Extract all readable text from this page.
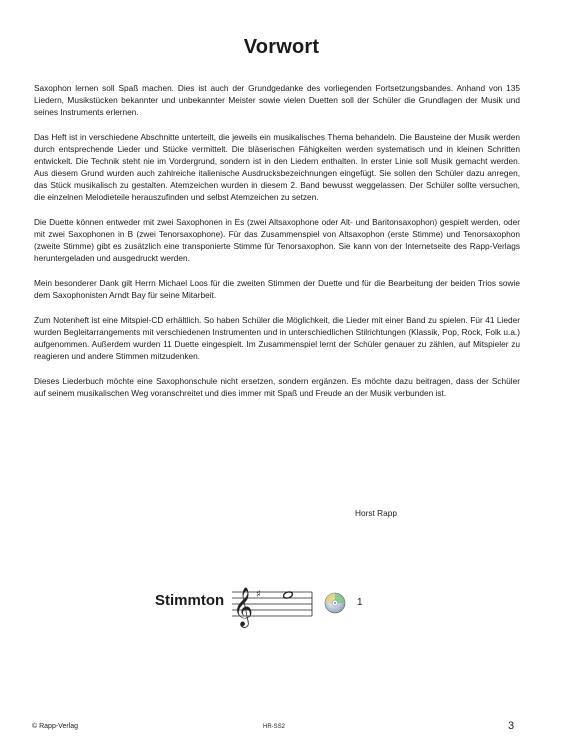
Vorwort

Saxophon lernen soll Spaß machen. Dies ist auch der Grundgedanke des vorliegenden Fortsetzungsbandes. Anhand von 135 Liedern, Musikstücken bekannter und unbekannter Meister sowie vielen Duetten soll der Schüler die Grundlagen der Musik und seines Instruments erlernen.

Das Heft ist in verschiedene Abschnitte unterteilt, die jeweils ein musikalisches Thema behandeln. Die Bausteine der Musik werden durch entsprechende Lieder und Stücke vermittelt. Die bläserischen Fähigkeiten werden systematisch und in kleinen Schritten entwickelt. Die Technik steht nie im Vordergrund, sondern ist in den Liedern enthalten. In erster Linie soll Musik gemacht werden. Aus diesem Grund wurden auch zahlreiche italienische Ausdrucksbezeichnungen eingefügt. Sie sollen den Schüler dazu anregen, das Stück musikalisch zu gestalten. Atemzeichen wurden in diesem 2. Band bewusst weggelassen. Der Schüler sollte versuchen, die einzelnen Melodieteile herauszufinden und selbst Atemzeichen zu setzen.

Die Duette können entweder mit zwei Saxophonen in Es (zwei Altsaxophone oder Alt- und Baritonsaxophon) gespielt werden, oder mit zwei Saxophonen in B (zwei Tenorsaxophone). Für das Zusammenspiel von Altsaxophon (erste Stimme) und Tenorsaxophon (zweite Stimme) gibt es zusätzlich eine transponierte Stimme für Tenorsaxophon. Sie kann von der Internetseite des Rapp-Verlags heruntergeladen und ausgedruckt werden.

Mein besonderer Dank gilt Herrn Michael Loos für die zweiten Stimmen der Duette und für die Bearbeitung der beiden Trios sowie dem Saxophonisten Arndt Bay für seine Mitarbeit.

Zum Notenheft ist eine Mitspiel-CD erhältlich. So haben Schüler die Möglichkeit, die Lieder mit einer Band zu spielen. Für 41 Lieder wurden Begleitarrangements mit verschiedenen Instrumenten und in unterschiedlichen Stilrichtungen (Klassik, Pop, Rock, Folk u.a.) aufgenommen. Außerdem wurden 11 Duette eingespielt. Im Zusammenspiel lernt der Schüler genauer zu zählen, auf Mitspieler zu reagieren und andere Stimmen mitzudenken.

Dieses Liederbuch möchte eine Saxophonschule nicht ersetzen, sondern ergänzen. Es möchte dazu beitragen, dass der Schüler auf seinem musikalischen Weg voranschreitet und dies immer mit Spaß und Freude an der Musik verbunden ist.

Horst Rapp
Stimmton 𝄞 ♯
1
© Rapp-Verlag	HR-SS2	3
